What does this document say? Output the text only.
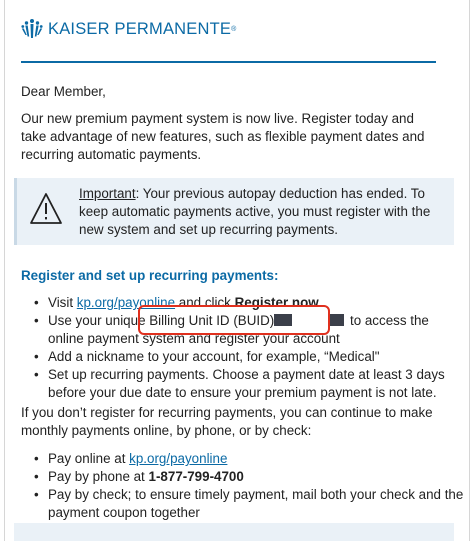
KAISER PERMANENTE ®

Dear Member,

Our new premium payment system is now live. Register today and take advantage of new features, such as flexible payment dates and recurring automatic payments.

Important: Your previous autopay deduction has ended. To keep automatic payments active, you must register with the new system and set up recurring payments.

Register and set up recurring payments:

• Visit kp.org/payonline and click Register now
• Use your unique Billing Unit ID (BUID)	to access the online payment system and register your account
• Add a nickname to your account, for example, “Medical"
• Set up recurring payments. Choose a payment date at least 3 days before your due date to ensure your premium payment is not late.

If you don’t register for recurring payments, you can continue to make monthly payments online, by phone, or by check:

• Pay online at kp.org/payonline
• Pay by phone at 1-877-799-4700
• Pay by check; to ensure timely payment, mail both your check and the payment coupon together
